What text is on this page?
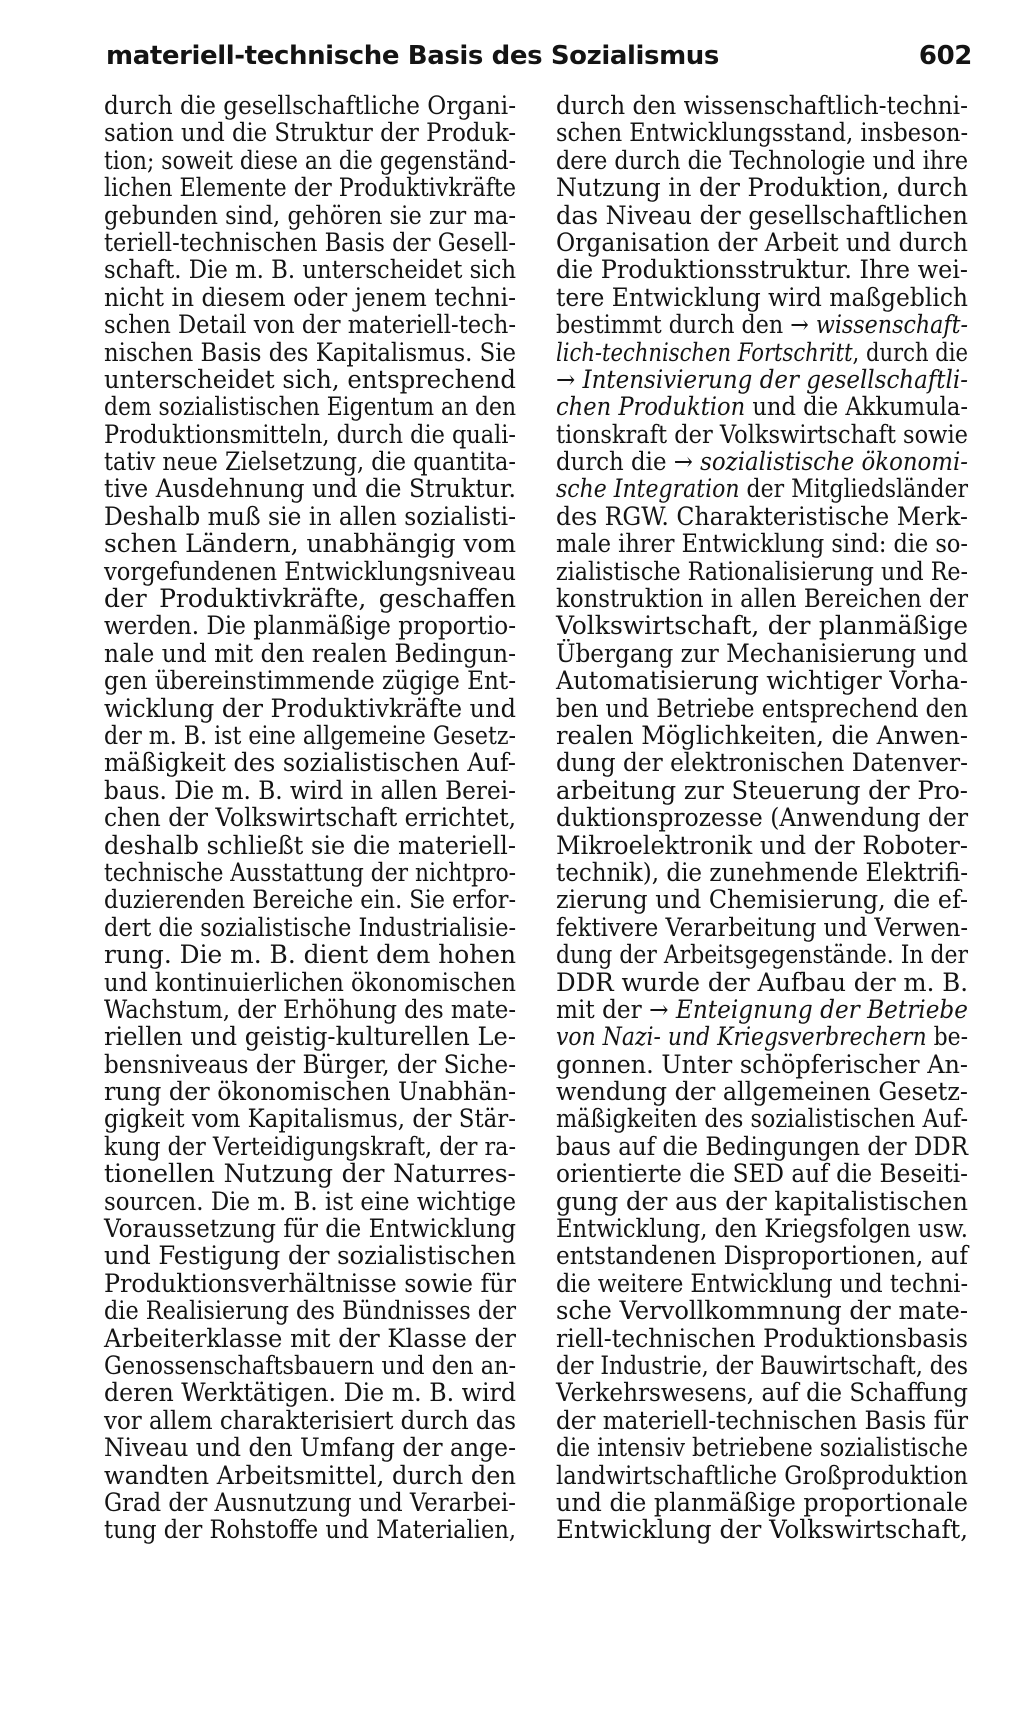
materiell-technische Basis des Sozialismus	602
durch die gesellschaftliche Organi-
sation und die Struktur der Produk-
tion; soweit diese an die gegenständ-
lichen Elemente der Produktivkräfte
gebunden sind, gehören sie zur ma-
teriell-technischen Basis der Gesell-
schaft. Die m. B. unterscheidet sich
nicht in diesem oder jenem techni-
schen Detail von der materiell-tech-
nischen Basis des Kapitalismus. Sie
unterscheidet sich, entsprechend
dem sozialistischen Eigentum an den
Produktionsmitteln, durch die quali-
tativ neue Zielsetzung, die quantita-
tive Ausdehnung und die Struktur.
Deshalb muß sie in allen sozialisti-
schen Ländern, unabhängig vom
vorgefundenen Entwicklungsniveau
der Produktivkräfte, geschaffen
werden. Die planmäßige proportio-
nale und mit den realen Bedingun-
gen übereinstimmende zügige Ent-
wicklung der Produktivkräfte und
der m. B. ist eine allgemeine Gesetz-
mäßigkeit des sozialistischen Auf-
baus. Die m. B. wird in allen Berei-
chen der Volkswirtschaft errichtet,
deshalb schließt sie die materiell-
technische Ausstattung der nichtpro-
duzierenden Bereiche ein. Sie erfor-
dert die sozialistische Industrialisie-
rung. Die m. B. dient dem hohen
und kontinuierlichen ökonomischen
Wachstum, der Erhöhung des mate-
riellen und geistig-kulturellen Le-
bensniveaus der Bürger, der Siche-
rung der ökonomischen Unabhän-
gigkeit vom Kapitalismus, der Stär-
kung der Verteidigungskraft, der ra-
tionellen Nutzung der Naturres-
sourcen. Die m. B. ist eine wichtige
Voraussetzung für die Entwicklung
und Festigung der sozialistischen
Produktionsverhältnisse sowie für
die Realisierung des Bündnisses der
Arbeiterklasse mit der Klasse der
Genossenschaftsbauern und den an-
deren Werktätigen. Die m. B. wird
vor allem charakterisiert durch das
Niveau und den Umfang der ange-
wandten Arbeitsmittel, durch den
Grad der Ausnutzung und Verarbei-
tung der Rohstoffe und Materialien,
durch den wissenschaftlich-techni-
schen Entwicklungsstand, insbeson-
dere durch die Technologie und ihre
Nutzung in der Produktion, durch
das Niveau der gesellschaftlichen
Organisation der Arbeit und durch
die Produktionsstruktur. Ihre wei-
tere Entwicklung wird maßgeblich
bestimmt durch den → wissenschaft-
lich-technischen Fortschritt, durch die
→ Intensivierung der gesellschaftli-
chen Produktion und die Akkumula-
tionskraft der Volkswirtschaft sowie
durch die → sozialistische ökonomi-
sche Integration der Mitgliedsländer
des RGW. Charakteristische Merk-
male ihrer Entwicklung sind: die so-
zialistische Rationalisierung und Re-
konstruktion in allen Bereichen der
Volkswirtschaft, der planmäßige
Übergang zur Mechanisierung und
Automatisierung wichtiger Vorha-
ben und Betriebe entsprechend den
realen Möglichkeiten, die Anwen-
dung der elektronischen Datenver-
arbeitung zur Steuerung der Pro-
duktionsprozesse (Anwendung der
Mikroelektronik und der Roboter-
technik), die zunehmende Elektrifi-
zierung und Chemisierung, die ef-
fektivere Verarbeitung und Verwen-
dung der Arbeitsgegenstände. In der
DDR wurde der Aufbau der m. B.
mit der → Enteignung der Betriebe
von Nazi- und Kriegsverbrechern be-
gonnen. Unter schöpferischer An-
wendung der allgemeinen Gesetz-
mäßigkeiten des sozialistischen Auf-
baus auf die Bedingungen der DDR
orientierte die SED auf die Beseiti-
gung der aus der kapitalistischen
Entwicklung, den Kriegsfolgen usw.
entstandenen Disproportionen, auf
die weitere Entwicklung und techni-
sche Vervollkommnung der mate-
riell-technischen Produktionsbasis
der Industrie, der Bauwirtschaft, des
Verkehrswesens, auf die Schaffung
der materiell-technischen Basis für
die intensiv betriebene sozialistische
landwirtschaftliche Großproduktion
und die planmäßige proportionale
Entwicklung der Volkswirtschaft,
